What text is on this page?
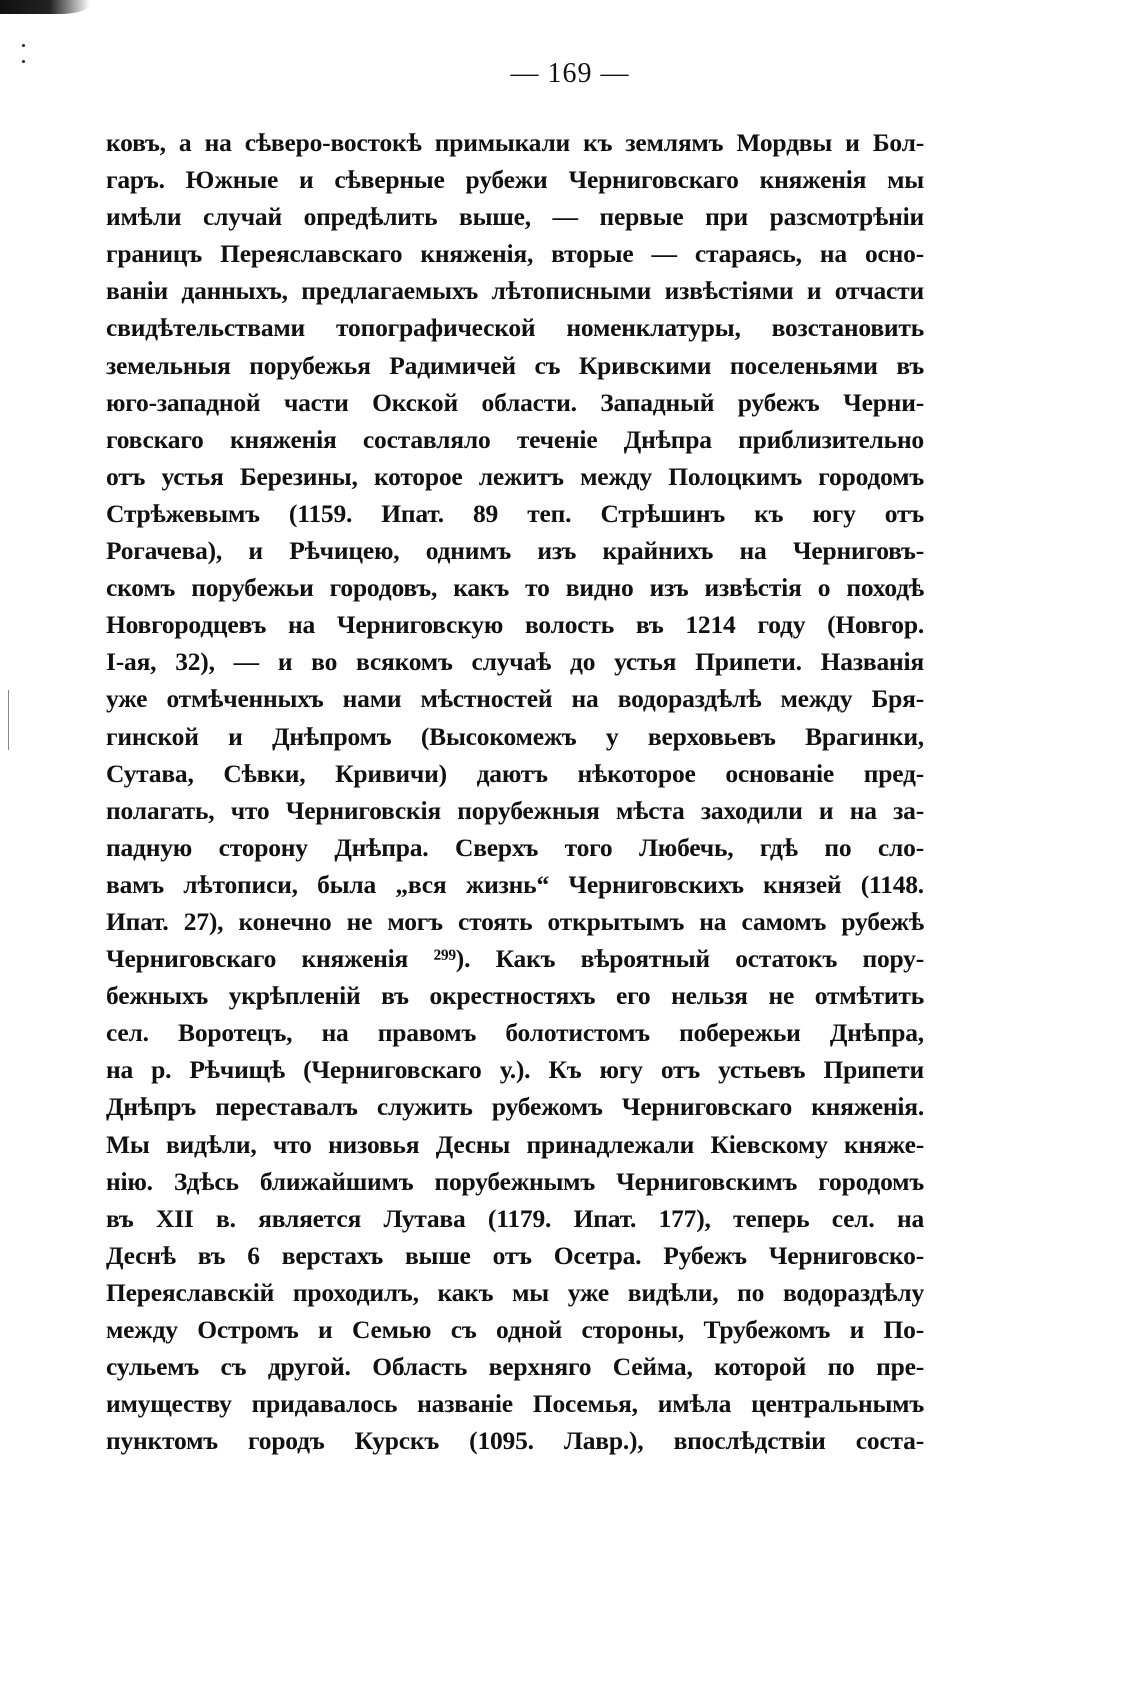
— 169 —
ковъ, а на сѣверо-востокѣ примыкали къ землямъ Мордвы и Бол-
гаръ. Южные и сѣверные рубежи Черниговскаго княженія мы
имѣли случай опредѣлить выше, — первые при разсмотрѣніи
границъ Переяславскаго княженія, вторые — стараясь, на осно-
ваніи данныхъ, предлагаемыхъ лѣтописными извѣстіями и отчасти
свидѣтельствами топографической номенклатуры, возстановить
земельныя порубежья Радимичей съ Кривскими поселеньями въ
юго-западной части Окской области. Западный рубежъ Черни-
говскаго княженія составляло теченіе Днѣпра приблизительно
отъ устья Березины, которое лежитъ между Полоцкимъ городомъ
Стрѣжевымъ (1159. Ипат. 89 теп. Стрѣшинъ къ югу отъ
Рогачева), и Рѣчицею, однимъ изъ крайнихъ на Черниговъ-
скомъ порубежьи городовъ, какъ то видно изъ извѣстія о походѣ
Новгородцевъ на Черниговскую волость въ 1214 году (Новгор.
I-ая, 32), — и во всякомъ случаѣ до устья Припети. Названія
уже отмѣченныхъ нами мѣстностей на водораздѣлѣ между Бря-
гинской и Днѣпромъ (Высокомежъ у верховьевъ Врагинки,
Сутава, Сѣвки, Кривичи) даютъ нѣкоторое основаніе пред-
полагать, что Черниговскія порубежныя мѣста заходили и на за-
падную сторону Днѣпра. Сверхъ того Любечь, гдѣ по сло-
вамъ лѣтописи, была „вся жизнь“ Черниговскихъ князей (1148.
Ипат. 27), конечно не могъ стоять открытымъ на самомъ рубежѣ
Черниговскаго княженія ²⁹⁹). Какъ вѣроятный остатокъ пору-
бежныхъ укрѣпленій въ окрестностяхъ его нельзя не отмѣтить
сел. Воротецъ, на правомъ болотистомъ побережьи Днѣпра,
на р. Рѣчищѣ (Черниговскаго у.). Къ югу отъ устьевъ Припети
Днѣпръ переставалъ служить рубежомъ Черниговскаго княженія.
Мы видѣли, что низовья Десны принадлежали Кіевскому княже-
нію. Здѣсь ближайшимъ порубежнымъ Черниговскимъ городомъ
въ XII в. является Лутава (1179. Ипат. 177), теперь сел. на
Деснѣ въ 6 верстахъ выше отъ Осетра. Рубежъ Черниговско-
Переяславскій проходилъ, какъ мы уже видѣли, по водораздѣлу
между Остромъ и Семью съ одной стороны, Трубежомъ и По-
сульемъ съ другой. Область верхняго Сейма, которой по пре-
имуществу придавалось названіе Посемья, имѣла центральнымъ
пунктомъ городъ Курскъ (1095. Лавр.), впослѣдствіи соста-
